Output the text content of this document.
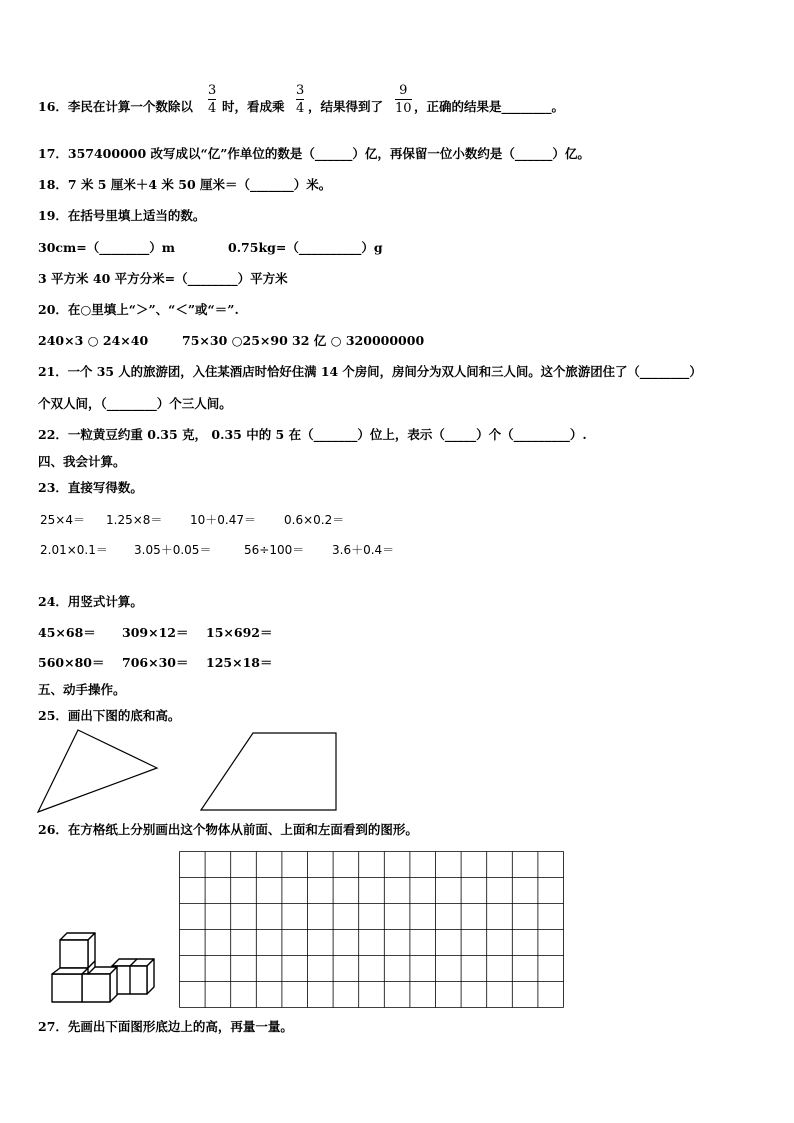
16．李民在计算一个数除以
3
4 时，看成乘
3
4 ，结果得到了
9
10 ，正确的结果是________。
17．357400000 改写成以“亿”作单位的数是（______）亿，再保留一位小数约是（______）亿。
18．7 米 5 厘米＋4 米 50 厘米＝（_______）米。
19．在括号里填上适当的数。
30cm=（________）m	0.75kg=（__________）g
3 平方米 40 平方分米=（________）平方米
20．在○里填上“＞”、“＜”或“＝”.
240×3 ○ 24×40	75×30 ○25×90 32 亿 ○ 320000000
21．一个 35 人的旅游团，入住某酒店时恰好住满 14 个房间，房间分为双人间和三人间。这个旅游团住了（________）
个双人间，（________）个三人间。
22．一粒黄豆约重 0.35 克， 0.35 中的 5 在（_______）位上，表示（_____）个（_________）.
四、我会计算。
23．直接写得数。
25×4＝ 1.25×8＝ 10＋0.47＝ 0.6×0.2＝
2.01×0.1＝ 3.05＋0.05＝	56÷100＝ 3.6＋0.4＝
24．用竖式计算。
45×68＝ 309×12＝ 15×692＝
560×80＝ 706×30＝ 125×18＝
五、动手操作。
25．画出下图的底和高。
26．在方格纸上分别画出这个物体从前面、上面和左面看到的图形。
27．先画出下面图形底边上的高，再量一量。
